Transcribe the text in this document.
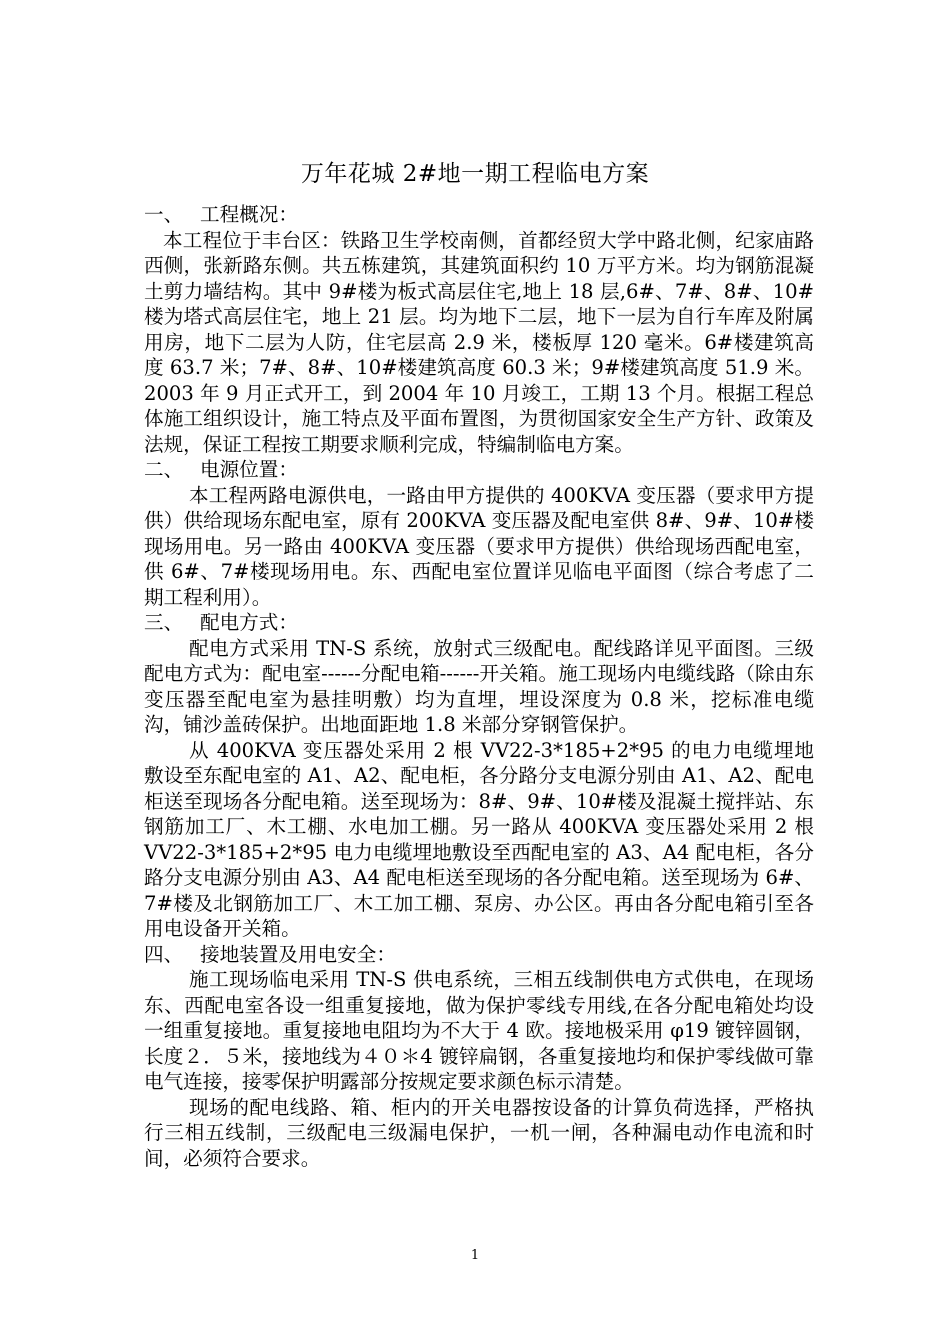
万年花城 2#地一期工程临电方案

一、 工程概况：

本工程位于丰台区：铁路卫生学校南侧，首都经贸大学中路北侧，纪家庙路西侧，张新路东侧。共五栋建筑，其建筑面积约 10 万平方米。均为钢筋混凝土剪力墙结构。其中 9#楼为板式高层住宅,地上 18 层,6#、7#、8#、10#楼为塔式高层住宅，地上 21 层。均为地下二层，地下一层为自行车库及附属用房，地下二层为人防，住宅层高 2.9 米，楼板厚 120 毫米。6#楼建筑高度 63.7 米；7#、8#、10#楼建筑高度 60.3 米；9#楼建筑高度 51.9 米。2003 年 9 月正式开工，到 2004 年 10 月竣工，工期 13 个月。根据工程总体施工组织设计，施工特点及平面布置图，为贯彻国家安全生产方针、政策及法规，保证工程按工期要求顺利完成，特编制临电方案。

二、 电源位置：

本工程两路电源供电，一路由甲方提供的 400KVA 变压器（要求甲方提供）供给现场东配电室，原有 200KVA 变压器及配电室供 8#、9#、10#楼现场用电。另一路由 400KVA 变压器（要求甲方提供）供给现场西配电室，供 6#、7#楼现场用电。东、西配电室位置详见临电平面图（综合考虑了二期工程利用）。

三、 配电方式：

配电方式采用 TN-S 系统，放射式三级配电。配线路详见平面图。三级配电方式为：配电室------分配电箱------开关箱。施工现场内电缆线路（除由东变压器至配电室为悬挂明敷）均为直埋，埋设深度为 0.8 米，挖标准电缆沟，铺沙盖砖保护。出地面距地 1.8 米部分穿钢管保护。

从 400KVA 变压器处采用 2 根 VV22-3*185+2*95 的电力电缆埋地敷设至东配电室的 A1、A2、配电柜，各分路分支电源分别由 A1、A2、配电柜送至现场各分配电箱。送至现场为：8#、9#、10#楼及混凝土搅拌站、东钢筋加工厂、木工棚、水电加工棚。另一路从 400KVA 变压器处采用 2 根 VV22-3*185+2*95 电力电缆埋地敷设至西配电室的 A3、A4 配电柜，各分路分支电源分别由 A3、A4 配电柜送至现场的各分配电箱。送至现场为 6#、7#楼及北钢筋加工厂、木工加工棚、泵房、办公区。再由各分配电箱引至各用电设备开关箱。

四、 接地装置及用电安全：

施工现场临电采用 TN-S 供电系统，三相五线制供电方式供电，在现场东、西配电室各设一组重复接地，做为保护零线专用线,在各分配电箱处均设一组重复接地。重复接地电阻均为不大于 4 欧。接地极采用 φ19 镀锌圆钢，长度２．５米，接地线为４０＊4 镀锌扁钢，各重复接地均和保护零线做可靠电气连接，接零保护明露部分按规定要求颜色标示清楚。

现场的配电线路、箱、柜内的开关电器按设备的计算负荷选择，严格执行三相五线制，三级配电三级漏电保护，一机一闸，各种漏电动作电流和时间，必须符合要求。

1
